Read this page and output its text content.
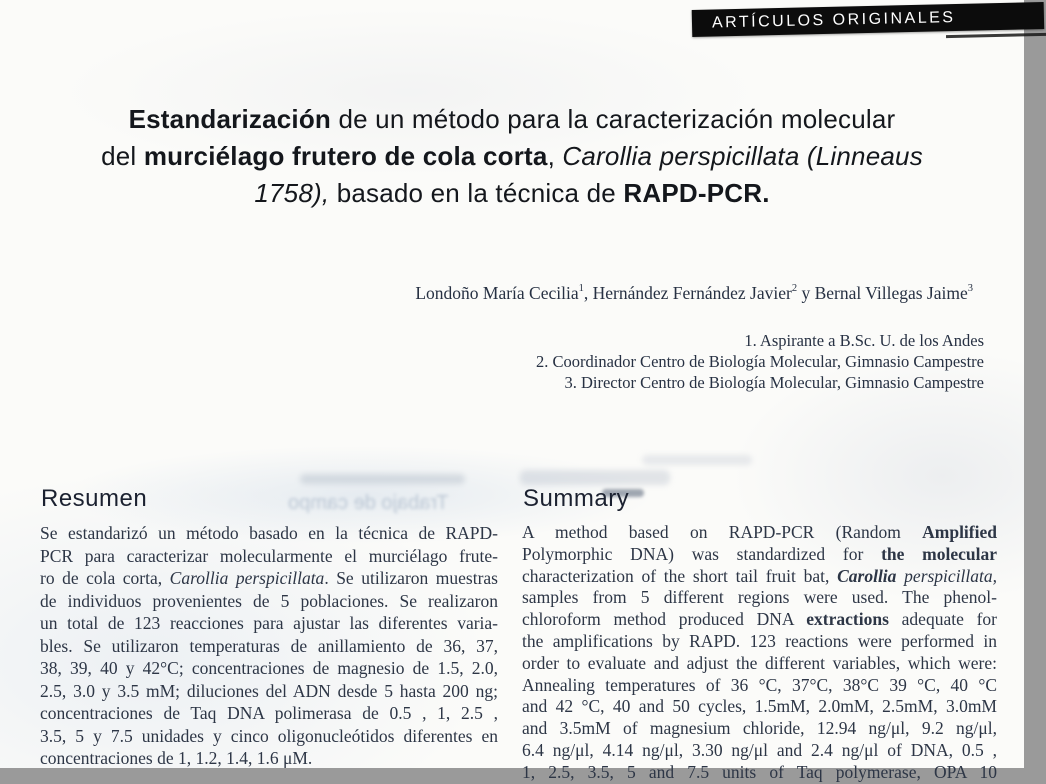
Trabajo de campo
ARTÍCULOS ORIGINALES
Estandarización de un método para la caracterización molecular
del murciélago frutero de cola corta, Carollia perspicillata (Linneaus
1758), basado en la técnica de RAPD-PCR.
Londoño María Cecilia$^1$, Hernández Fernández Javier$^2$ y Bernal Villegas Jaime$^3$
1. Aspirante a B.Sc. U. de los Andes
2. Coordinador Centro de Biología Molecular, Gimnasio Campestre
3. Director Centro de Biología Molecular, Gimnasio Campestre
Resumen
Se estandarizó un método basado en la técnica de RAPD-
PCR para caracterizar molecularmente el murciélago frute-
ro de cola corta, Carollia perspicillata. Se utilizaron muestras
de individuos provenientes de 5 poblaciones. Se realizaron
un total de 123 reacciones para ajustar las diferentes varia-
bles. Se utilizaron temperaturas de anillamiento de 36, 37,
38, 39, 40 y 42°C; concentraciones de magnesio de 1.5, 2.0,
2.5, 3.0 y 3.5 mM; diluciones del ADN desde 5 hasta 200 ng;
concentraciones de Taq DNA polimerasa de 0.5 , 1, 2.5 ,
3.5, 5 y 7.5 unidades y cinco oligonucleótidos diferentes en
concentraciones de 1, 1.2, 1.4, 1.6 μM.
Summary
A method based on RAPD-PCR (Random Amplified
Polymorphic DNA) was standardized for the molecular
characterization of the short tail fruit bat, Carollia perspicillata,
samples from 5 different regions were used. The phenol-
chloroform method produced DNA extractions adequate for
the amplifications by RAPD. 123 reactions were performed in
order to evaluate and adjust the different variables, which were:
Annealing temperatures of 36 °C, 37°C, 38°C 39 °C, 40 °C
and 42 °C, 40 and 50 cycles, 1.5mM, 2.0mM, 2.5mM, 3.0mM
and 3.5mM of magnesium chloride, 12.94 ng/μl, 9.2 ng/μl,
6.4 ng/μl, 4.14 ng/μl, 3.30 ng/μl and 2.4 ng/μl of DNA, 0.5 ,
1, 2.5, 3.5, 5 and 7.5 units of Taq polymerase, OPA 10
